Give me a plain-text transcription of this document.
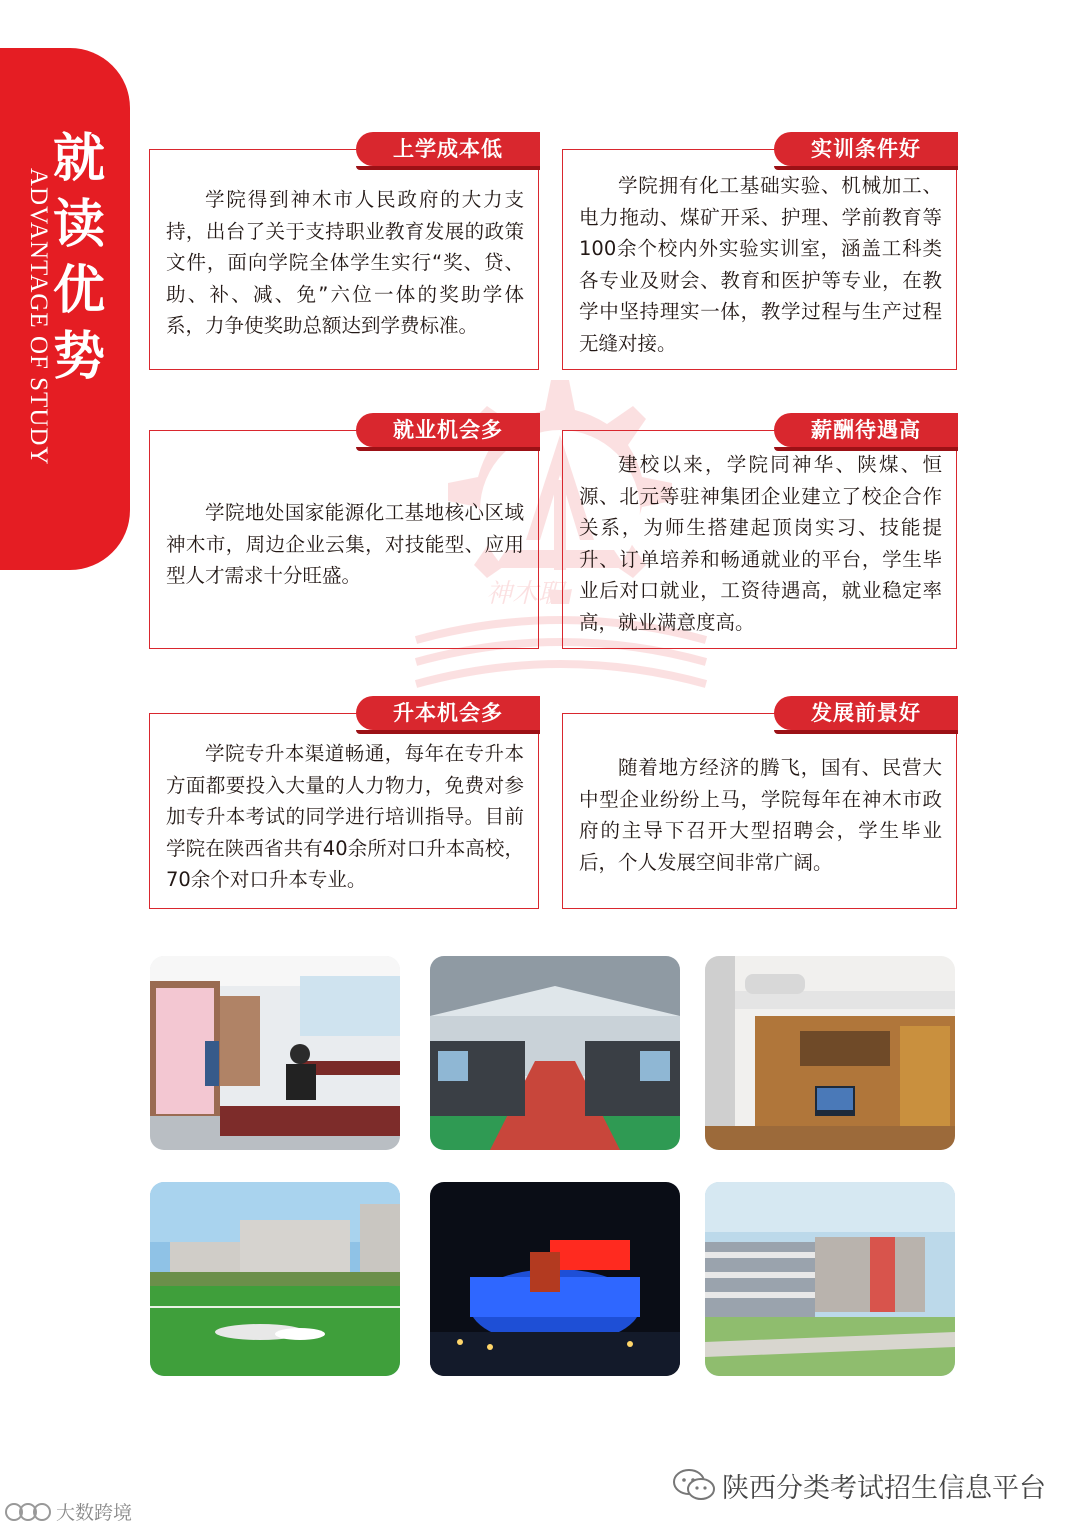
就
读
优
势
ADVANTAGE OF STUDY
神木职
上学成本低
学院得到神木市人民政府的大力支持，出台了关于支持职业教育发展的政策文件，面向学院全体学生实行“奖、贷、助、补、减、免”六位一体的奖助学体系，力争使奖助总额达到学费标准。
实训条件好
学院拥有化工基础实验、机械加工、电力拖动、煤矿开采、护理、学前教育等100余个校内外实验实训室，涵盖工科类各专业及财会、教育和医护等专业，在教学中坚持理实一体，教学过程与生产过程无缝对接。
就业机会多
学院地处国家能源化工基地核心区域神木市，周边企业云集，对技能型、应用型人才需求十分旺盛。
薪酬待遇高
建校以来，学院同神华、陕煤、恒源、北元等驻神集团企业建立了校企合作关系，为师生搭建起顶岗实习、技能提升、订单培养和畅通就业的平台，学生毕业后对口就业，工资待遇高，就业稳定率高，就业满意度高。
升本机会多
学院专升本渠道畅通，每年在专升本方面都要投入大量的人力物力，免费对参加专升本考试的同学进行培训指导。目前学院在陕西省共有40余所对口升本高校，70余个对口升本专业。
发展前景好
随着地方经济的腾飞，国有、民营大中型企业纷纷上马，学院每年在神木市政府的主导下召开大型招聘会，学生毕业后，个人发展空间非常广阔。
陕西分类考试招生信息平台
大数跨境
